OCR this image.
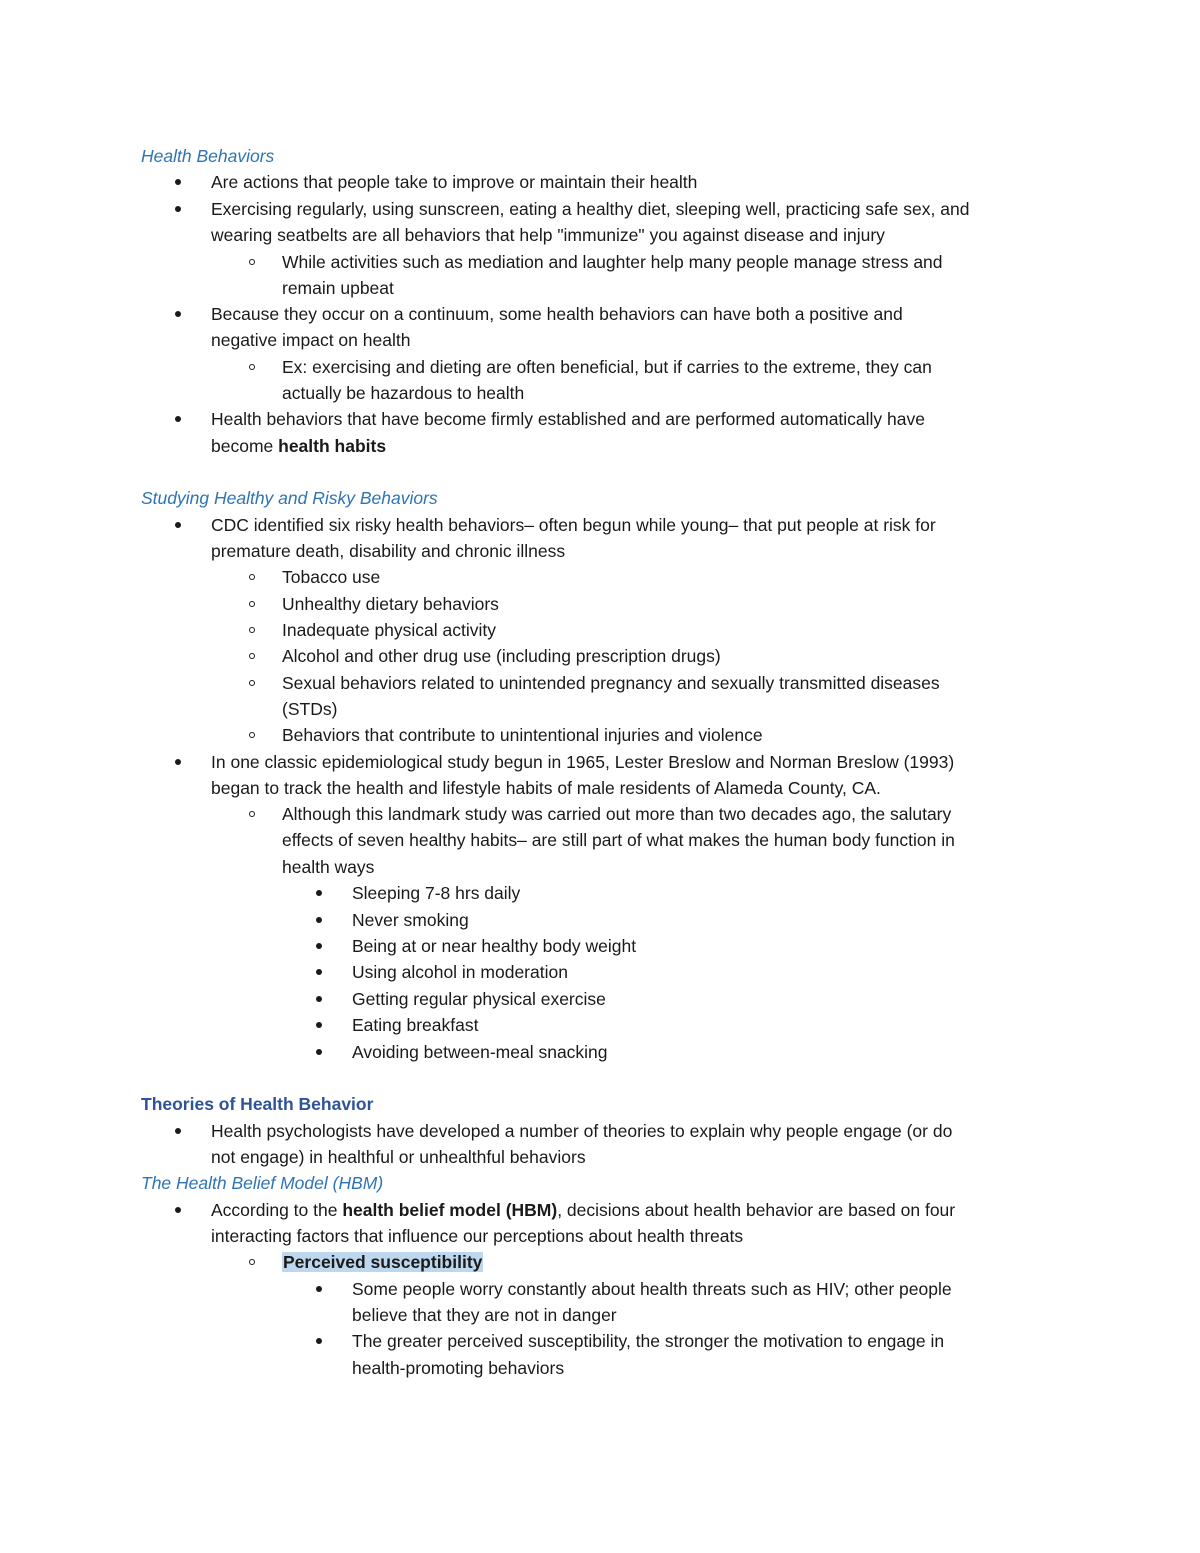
Health Behaviors
Are actions that people take to improve or maintain their health
Exercising regularly, using sunscreen, eating a healthy diet, sleeping well, practicing safe sex, and
wearing seatbelts are all behaviors that help "immunize" you against disease and injury
While activities such as mediation and laughter help many people manage stress and
remain upbeat
Because they occur on a continuum, some health behaviors can have both a positive and
negative impact on health
Ex: exercising and dieting are often beneficial, but if carries to the extreme, they can
actually be hazardous to health
Health behaviors that have become firmly established and are performed automatically have
become health habits
Studying Healthy and Risky Behaviors
CDC identified six risky health behaviors– often begun while young– that put people at risk for
premature death, disability and chronic illness
Tobacco use
Unhealthy dietary behaviors
Inadequate physical activity
Alcohol and other drug use (including prescription drugs)
Sexual behaviors related to unintended pregnancy and sexually transmitted diseases
(STDs)
Behaviors that contribute to unintentional injuries and violence
In one classic epidemiological study begun in 1965, Lester Breslow and Norman Breslow (1993)
began to track the health and lifestyle habits of male residents of Alameda County, CA.
Although this landmark study was carried out more than two decades ago, the salutary
effects of seven healthy habits– are still part of what makes the human body function in
health ways
Sleeping 7-8 hrs daily
Never smoking
Being at or near healthy body weight
Using alcohol in moderation
Getting regular physical exercise
Eating breakfast
Avoiding between-meal snacking
Theories of Health Behavior
Health psychologists have developed a number of theories to explain why people engage (or do
not engage) in healthful or unhealthful behaviors
The Health Belief Model (HBM)
According to the health belief model (HBM), decisions about health behavior are based on four
interacting factors that influence our perceptions about health threats
Perceived susceptibility
Some people worry constantly about health threats such as HIV; other people
believe that they are not in danger
The greater perceived susceptibility, the stronger the motivation to engage in
health-promoting behaviors
